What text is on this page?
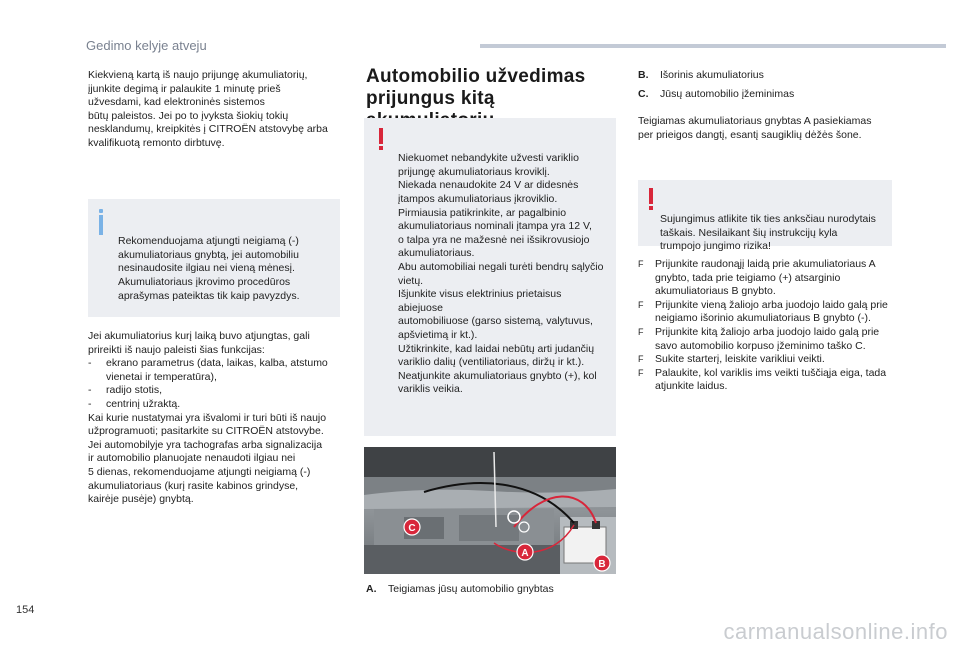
Gedimo kelyje atveju

Kiekvieną kartą iš naujo prijungę akumuliatorių,
įjunkite degimą ir palaukite 1 minutę prieš
užvesdami, kad elektroninės sistemos
būtų paleistos. Jei po to įvyksta šiokių tokių
nesklandumų, kreipkitės į CITROËN atstovybę arba
kvalifikuotą remonto dirbtuvę.

Rekomenduojama atjungti neigiamą (-)
akumuliatoriaus gnybtą, jei automobiliu
nesinaudosite ilgiau nei vieną mėnesį.
Akumuliatoriaus įkrovimo procedūros
aprašymas pateiktas tik kaip pavyzdys.

Jei akumuliatorius kurį laiką buvo atjungtas, gali
prireikti iš naujo paleisti šias funkcijas:

- ekrano parametrus (data, laikas, kalba, atstumo vienetai ir temperatūra),
- radijo stotis,
- centrinį užraktą.

Kai kurie nustatymai yra išvalomi ir turi būti iš naujo
užprogramuoti; pasitarkite su CITROËN atstovybe.
Jei automobilyje yra tachografas arba signalizacija
ir automobilio planuojate nenaudoti ilgiau nei
5 dienas, rekomenduojame atjungti neigiamą (-)
akumuliatoriaus (kurį rasite kabinos grindyse,
kairėje pusėje) gnybtą.

Automobilio užvedimas prijungus kitą

Niekuomet nebandykite užvesti variklio
prijungę akumuliatoriaus kroviklį.
Niekada nenaudokite 24 V ar didesnės
įtampos akumuliatoriaus įkroviklio.
Pirmiausia patikrinkite, ar pagalbinio
akumuliatoriaus nominali įtampa yra 12 V,
o talpa yra ne mažesnė nei išsikrovusiojo
akumuliatoriaus.
Abu automobiliai negali turėti bendrų sąlyčio
vietų.
Išjunkite visus elektrinius prietaisus abiejuose
automobiliuose (garso sistemą, valytuvus,
apšvietimą ir kt.).
Užtikrinkite, kad laidai nebūtų arti judančių
variklio dalių (ventiliatoriaus, diržų ir kt.).
Neatjunkite akumuliatoriaus gnybto (+), kol
variklis veikia.

C
A
B
A. Teigiamas jūsų automobilio gnybtas
B. Išorinis akumuliatorius
C. Jūsų automobilio įžeminimas

Teigiamas akumuliatoriaus gnybtas A pasiekiamas
per prieigos dangtį, esantį saugiklių dėžės šone.

Sujungimus atlikite tik ties anksčiau nurodytais
taškais. Nesilaikant šių instrukcijų kyla
trumpojo jungimo rizika!

F Prijunkite raudonąjį laidą prie akumuliatoriaus A gnybto, tada prie teigiamo (+) atsarginio akumuliatoriaus B gnybto.
F Prijunkite vieną žaliojo arba juodojo laido galą prie neigiamo išorinio akumuliatoriaus B gnybto (-).
F Prijunkite kitą žaliojo arba juodojo laido galą prie savo automobilio korpuso įžeminimo taško C.
F Sukite starterį, leiskite varikliui veikti.
F Palaukite, kol variklis ims veikti tuščiąja eiga, tada atjunkite laidus.
154
carmanualsonline.info
